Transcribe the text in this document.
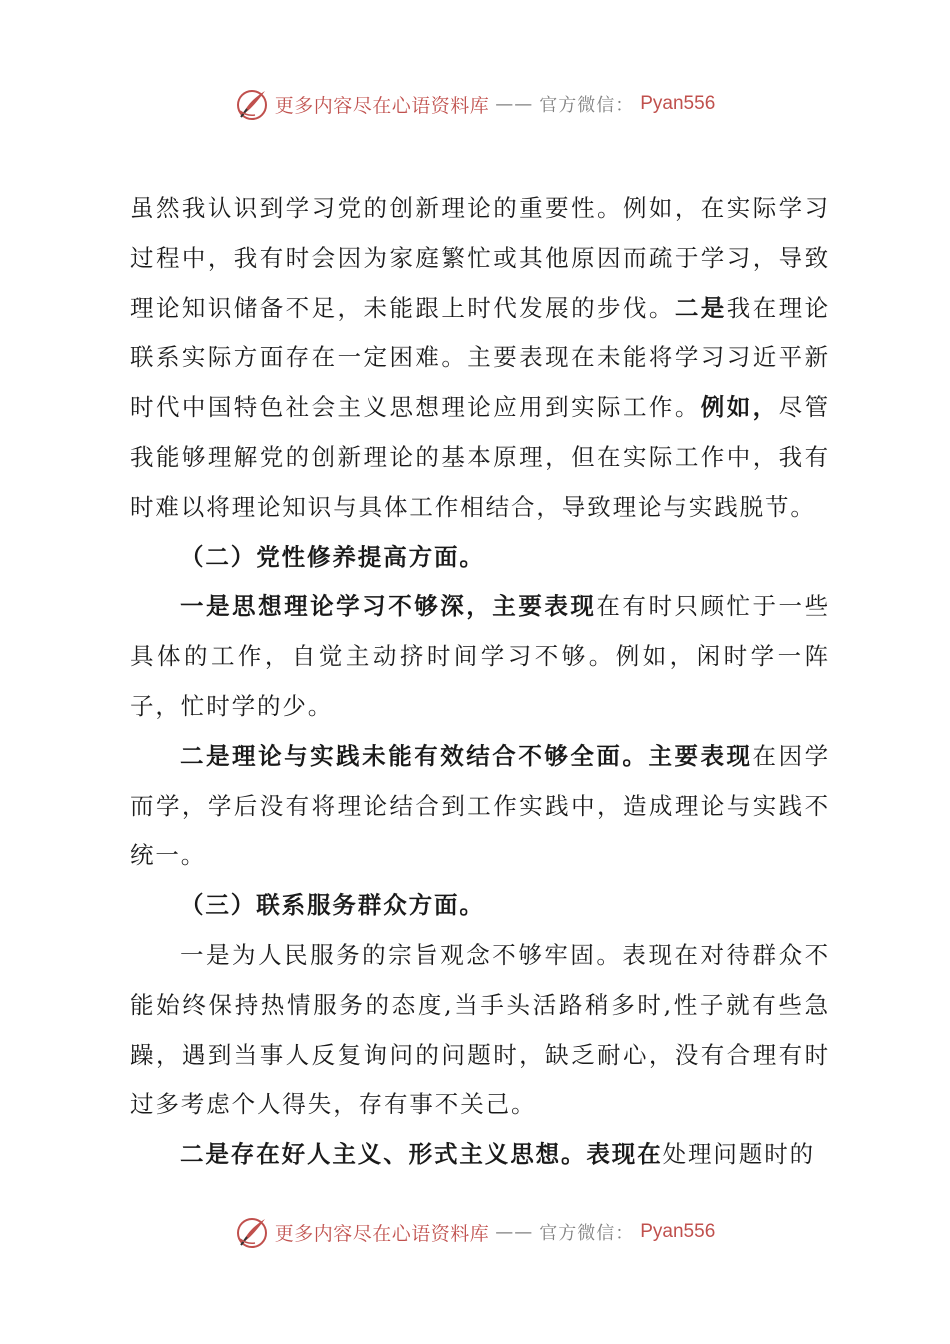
更多内容尽在心语资料库 —— 官方微信： Pyan556

虽然我认识到学习党的创新理论的重要性。例如，在实际学习过程中，我有时会因为家庭繁忙或其他原因而疏于学习，导致理论知识储备不足，未能跟上时代发展的步伐。二是我在理论联系实际方面存在一定困难。主要表现在未能将学习习近平新时代中国特色社会主义思想理论应用到实际工作。例如，尽管我能够理解党的创新理论的基本原理，但在实际工作中，我有时难以将理论知识与具体工作相结合，导致理论与实践脱节。

（二）党性修养提高方面。

一是思想理论学习不够深，主要表现在有时只顾忙于一些具体的工作，自觉主动挤时间学习不够。例如，闲时学一阵子，忙时学的少。

二是理论与实践未能有效结合不够全面。主要表现在因学而学，学后没有将理论结合到工作实践中，造成理论与实践不统一。

（三）联系服务群众方面。

一是为人民服务的宗旨观念不够牢固。表现在对待群众不能始终保持热情服务的态度,当手头活路稍多时,性子就有些急躁，遇到当事人反复询问的问题时，缺乏耐心，没有合理有时过多考虑个人得失，存有事不关己。

二是存在好人主义、形式主义思想。表现在处理问题时的

更多内容尽在心语资料库 —— 官方微信： Pyan556
